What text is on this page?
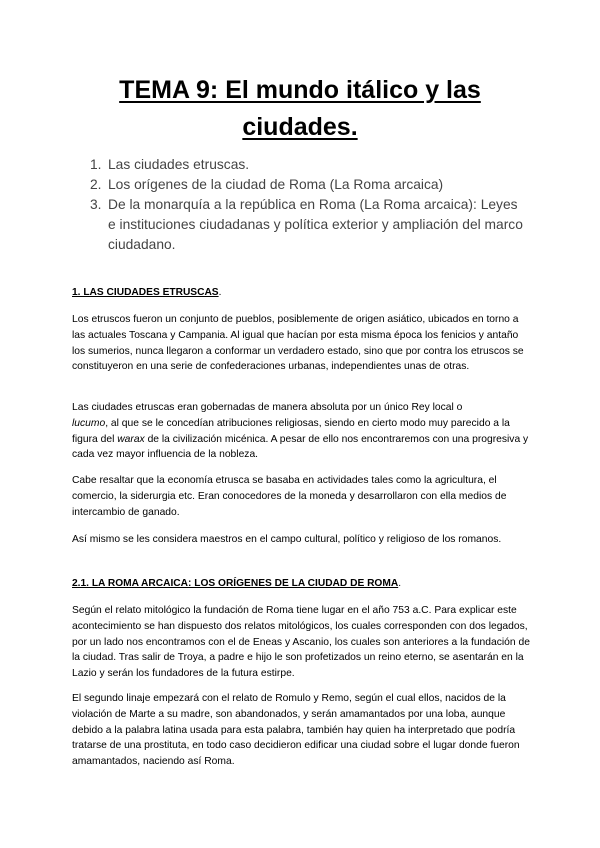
TEMA 9: El mundo itálico y las
ciudades.
1. Las ciudades etruscas.
2. Los orígenes de la ciudad de Roma (La Roma arcaica)
3. De la monarquía a la república en Roma (La Roma arcaica): Leyes e instituciones ciudadanas y política exterior y ampliación del marco ciudadano.
1. LAS CIUDADES ETRUSCAS.

Los etruscos fueron un conjunto de pueblos, posiblemente de origen asiático, ubicados en torno a las actuales Toscana y Campania. Al igual que hacían por esta misma época los fenicios y antaño los sumerios, nunca llegaron a conformar un verdadero estado, sino que por contra los etruscos se constituyeron en una serie de confederaciones urbanas, independientes unas de otras.

Las ciudades etruscas eran gobernadas de manera absoluta por un único Rey local o
lucumo, al que se le concedían atribuciones religiosas, siendo en cierto modo muy parecido a la figura del warax de la civilización micénica. A pesar de ello nos encontraremos con una progresiva y cada vez mayor influencia de la nobleza.

Cabe resaltar que la economía etrusca se basaba en actividades tales como la agricultura, el comercio, la siderurgia etc. Eran conocedores de la moneda y desarrollaron con ella medios de intercambio de ganado.

Así mismo se les considera maestros en el campo cultural, político y religioso de los romanos.

2.1. LA ROMA ARCAICA: LOS ORÍGENES DE LA CIUDAD DE ROMA.

Según el relato mitológico la fundación de Roma tiene lugar en el año 753 a.C. Para explicar este acontecimiento se han dispuesto dos relatos mitológicos, los cuales corresponden con dos legados, por un lado nos encontramos con el de Eneas y Ascanio, los cuales son anteriores a la fundación de la ciudad. Tras salir de Troya, a padre e hijo le son profetizados un reino eterno, se asentarán en la Lazio y serán los fundadores de la futura estirpe.

El segundo linaje empezará con el relato de Romulo y Remo, según el cual ellos, nacidos de la violación de Marte a su madre, son abandonados, y serán amamantados por una loba, aunque debido a la palabra latina usada para esta palabra, también hay quien ha interpretado que podría tratarse de una prostituta, en todo caso decidieron edificar una ciudad sobre el lugar donde fueron amamantados, naciendo así Roma.
